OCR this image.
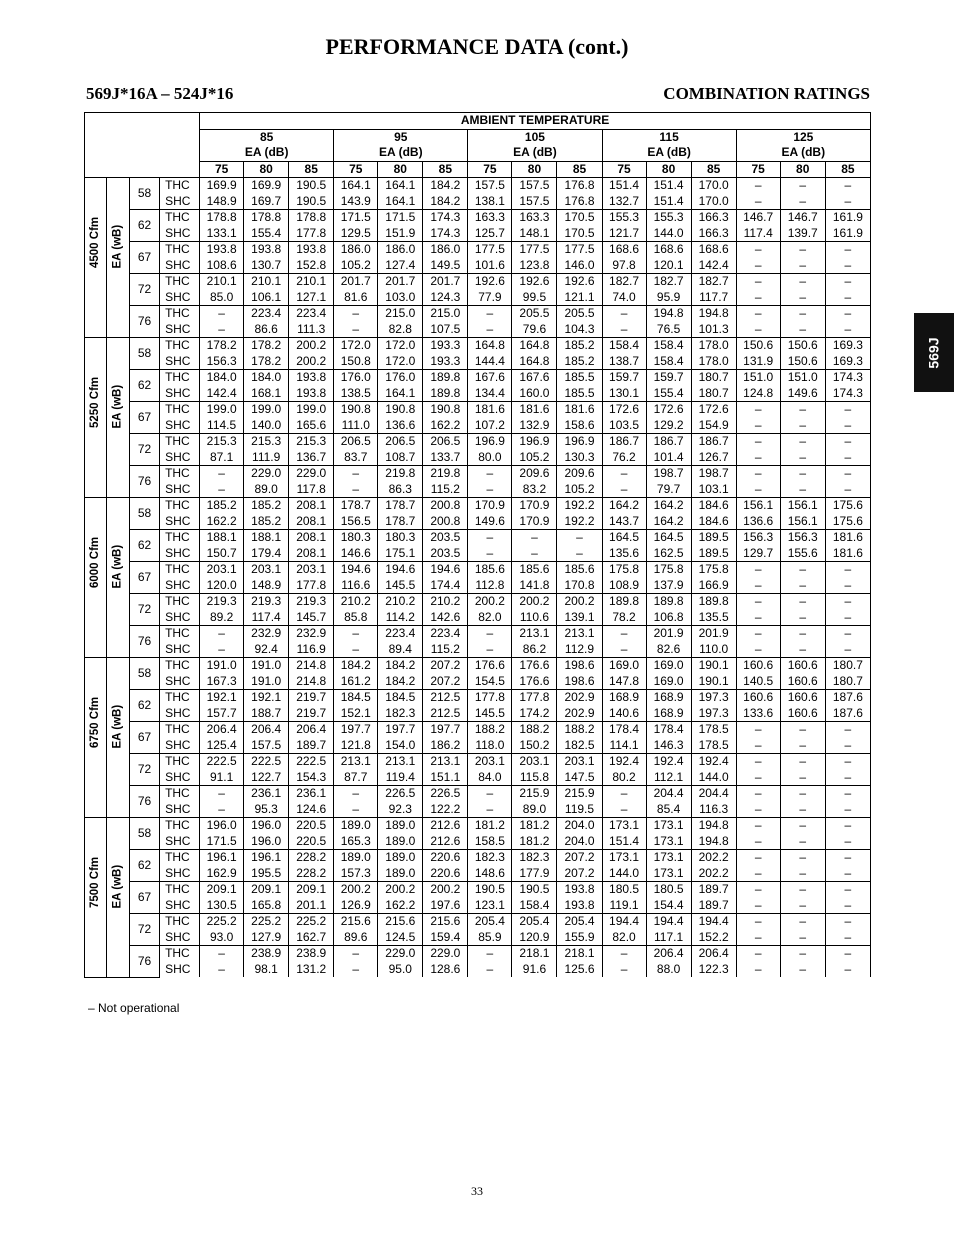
PERFORMANCE DATA (cont.)
569J*16A – 524J*16	COMBINATION RATINGS
569J
				AMBIENT TEMPERATURE														
				85			95			105			115			125		
				EA (dB)			EA (dB)			EA (dB)			EA (dB)			EA (dB)		
				75	80	85	75	80	85	75	80	85	75	80	85	75	80	85

4500 Cfm	EA (wB)	58	THC	169.9	169.9	190.5	164.1	164.1	184.2	157.5	157.5	176.8	151.4	151.4	170.0	–	–	–
			SHC	148.9	169.7	190.5	143.9	164.1	184.2	138.1	157.5	176.8	132.7	151.4	170.0	–	–	–
		62	THC	178.8	178.8	178.8	171.5	171.5	174.3	163.3	163.3	170.5	155.3	155.3	166.3	146.7	146.7	161.9
			SHC	133.1	155.4	177.8	129.5	151.9	174.3	125.7	148.1	170.5	121.7	144.0	166.3	117.4	139.7	161.9
		67	THC	193.8	193.8	193.8	186.0	186.0	186.0	177.5	177.5	177.5	168.6	168.6	168.6	–	–	–
			SHC	108.6	130.7	152.8	105.2	127.4	149.5	101.6	123.8	146.0	97.8	120.1	142.4	–	–	–
		72	THC	210.1	210.1	210.1	201.7	201.7	201.7	192.6	192.6	192.6	182.7	182.7	182.7	–	–	–
			SHC	85.0	106.1	127.1	81.6	103.0	124.3	77.9	99.5	121.1	74.0	95.9	117.7	–	–	–
		76	THC	–	223.4	223.4	–	215.0	215.0	–	205.5	205.5	–	194.8	194.8	–	–	–
			SHC	–	86.6	111.3	–	82.8	107.5	–	79.6	104.3	–	76.5	101.3	–	–	–

5250 Cfm	EA (wB)	58	THC	178.2	178.2	200.2	172.0	172.0	193.3	164.8	164.8	185.2	158.4	158.4	178.0	150.6	150.6	169.3
			SHC	156.3	178.2	200.2	150.8	172.0	193.3	144.4	164.8	185.2	138.7	158.4	178.0	131.9	150.6	169.3
		62	THC	184.0	184.0	193.8	176.0	176.0	189.8	167.6	167.6	185.5	159.7	159.7	180.7	151.0	151.0	174.3
			SHC	142.4	168.1	193.8	138.5	164.1	189.8	134.4	160.0	185.5	130.1	155.4	180.7	124.8	149.6	174.3
		67	THC	199.0	199.0	199.0	190.8	190.8	190.8	181.6	181.6	181.6	172.6	172.6	172.6	–	–	–
			SHC	114.5	140.0	165.6	111.0	136.6	162.2	107.2	132.9	158.6	103.5	129.2	154.9	–	–	–
		72	THC	215.3	215.3	215.3	206.5	206.5	206.5	196.9	196.9	196.9	186.7	186.7	186.7	–	–	–
			SHC	87.1	111.9	136.7	83.7	108.7	133.7	80.0	105.2	130.3	76.2	101.4	126.7	–	–	–
		76	THC	–	229.0	229.0	–	219.8	219.8	–	209.6	209.6	–	198.7	198.7	–	–	–
			SHC	–	89.0	117.8	–	86.3	115.2	–	83.2	105.2	–	79.7	103.1	–	–	–

6000 Cfm	EA (wB)	58	THC	185.2	185.2	208.1	178.7	178.7	200.8	170.9	170.9	192.2	164.2	164.2	184.6	156.1	156.1	175.6
			SHC	162.2	185.2	208.1	156.5	178.7	200.8	149.6	170.9	192.2	143.7	164.2	184.6	136.6	156.1	175.6
		62	THC	188.1	188.1	208.1	180.3	180.3	203.5	–	–	–	164.5	164.5	189.5	156.3	156.3	181.6
			SHC	150.7	179.4	208.1	146.6	175.1	203.5	–	–	–	135.6	162.5	189.5	129.7	155.6	181.6
		67	THC	203.1	203.1	203.1	194.6	194.6	194.6	185.6	185.6	185.6	175.8	175.8	175.8	–	–	–
			SHC	120.0	148.9	177.8	116.6	145.5	174.4	112.8	141.8	170.8	108.9	137.9	166.9	–	–	–
		72	THC	219.3	219.3	219.3	210.2	210.2	210.2	200.2	200.2	200.2	189.8	189.8	189.8	–	–	–
			SHC	89.2	117.4	145.7	85.8	114.2	142.6	82.0	110.6	139.1	78.2	106.8	135.5	–	–	–
		76	THC	–	232.9	232.9	–	223.4	223.4	–	213.1	213.1	–	201.9	201.9	–	–	–
			SHC	–	92.4	116.9	–	89.4	115.2	–	86.2	112.9	–	82.6	110.0	–	–	–

6750 Cfm	EA (wB)	58	THC	191.0	191.0	214.8	184.2	184.2	207.2	176.6	176.6	198.6	169.0	169.0	190.1	160.6	160.6	180.7
			SHC	167.3	191.0	214.8	161.2	184.2	207.2	154.5	176.6	198.6	147.8	169.0	190.1	140.5	160.6	180.7
		62	THC	192.1	192.1	219.7	184.5	184.5	212.5	177.8	177.8	202.9	168.9	168.9	197.3	160.6	160.6	187.6
			SHC	157.7	188.7	219.7	152.1	182.3	212.5	145.5	174.2	202.9	140.6	168.9	197.3	133.6	160.6	187.6
		67	THC	206.4	206.4	206.4	197.7	197.7	197.7	188.2	188.2	188.2	178.4	178.4	178.5	–	–	–
			SHC	125.4	157.5	189.7	121.8	154.0	186.2	118.0	150.2	182.5	114.1	146.3	178.5	–	–	–
		72	THC	222.5	222.5	222.5	213.1	213.1	213.1	203.1	203.1	203.1	192.4	192.4	192.4	–	–	–
			SHC	91.1	122.7	154.3	87.7	119.4	151.1	84.0	115.8	147.5	80.2	112.1	144.0	–	–	–
		76	THC	–	236.1	236.1	–	226.5	226.5	–	215.9	215.9	–	204.4	204.4	–	–	–
			SHC	–	95.3	124.6	–	92.3	122.2	–	89.0	119.5	–	85.4	116.3	–	–	–

7500 Cfm	EA (wB)	58	THC	196.0	196.0	220.5	189.0	189.0	212.6	181.2	181.2	204.0	173.1	173.1	194.8	–	–	–
			SHC	171.5	196.0	220.5	165.3	189.0	212.6	158.5	181.2	204.0	151.4	173.1	194.8	–	–	–
		62	THC	196.1	196.1	228.2	189.0	189.0	220.6	182.3	182.3	207.2	173.1	173.1	202.2	–	–	–
			SHC	162.9	195.5	228.2	157.3	189.0	220.6	148.6	177.9	207.2	144.0	173.1	202.2	–	–	–
		67	THC	209.1	209.1	209.1	200.2	200.2	200.2	190.5	190.5	193.8	180.5	180.5	189.7	–	–	–
			SHC	130.5	165.8	201.1	126.9	162.2	197.6	123.1	158.4	193.8	119.1	154.4	189.7	–	–	–
		72	THC	225.2	225.2	225.2	215.6	215.6	215.6	205.4	205.4	205.4	194.4	194.4	194.4	–	–	–
			SHC	93.0	127.9	162.7	89.6	124.5	159.4	85.9	120.9	155.9	82.0	117.1	152.2	–	–	–
		76	THC	–	238.9	238.9	–	229.0	229.0	–	218.1	218.1	–	206.4	206.4	–	–	–
			SHC	–	98.1	131.2	–	95.0	128.6	–	91.6	125.6	–	88.0	122.3	–	–	–
– Not operational
33
